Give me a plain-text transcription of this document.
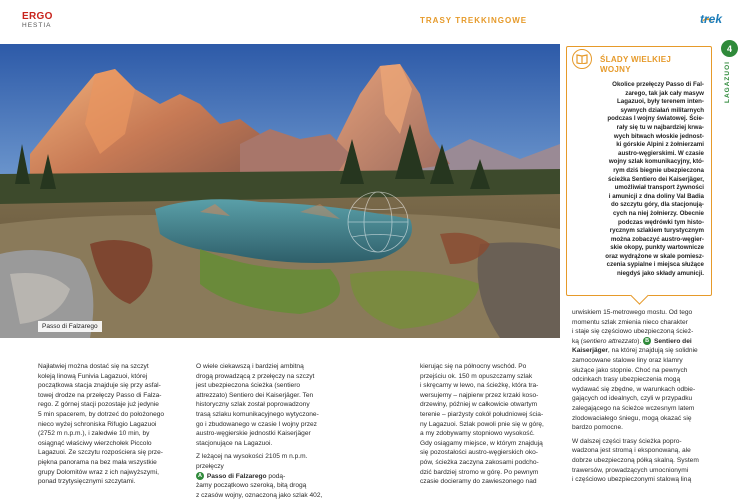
ERGO
HESTIA
TRASY TREKKINGOWE	trek
Passo di Falzarego
4
LAGAZUOI
ŚLADY WIELKIEJ WOJNY
Okolice przełęczy Passo di Fal-
zarego, tak jak cały masyw
Lagazuoi, były terenem inten-
sywnych działań militarnych
podczas I wojny światowej. Ście-
rały się tu w najbardziej krwa-
wych bitwach włoskie jednost-
ki górskie Alpini z żołnierzami
austro-węgierskimi. W czasie
wojny szlak komunikacyjny, któ-
rym dziś biegnie ubezpieczona
ścieżka Sentiero dei Kaiserjäger,
umożliwiał transport żywności
i amunicji z dna doliny Val Badia
do szczytu góry, dla stacjonują-
cych na niej żołnierzy. Obecnie
podczas wędrówki tym histo-
rycznym szlakiem turystycznym
można zobaczyć austro-węgier-
skie okopy, punkty wartownicze
oraz wydrążone w skale pomiesz-
czenia sypialne i miejsca służące
niegdyś jako składy amunicji.
Najłatwiej można dostać się na szczyt
koleją linową Funivia Lagazuoi, której
początkowa stacja znajduje się przy asfal-
towej drodze na przełęczy Passo di Falza-
rego. Z górnej stacji pozostaje już jedynie
5 min spacerem, by dotrzeć do położonego
nieco wyżej schroniska Rifugio Lagazuoi
(2752 m n.p.m.), i zaledwie 10 min, by
osiągnąć właściwy wierzchołek Piccolo
Lagazuoi. Ze szczytu rozpościera się prze-
piękna panorama na bez mała wszystkie
grupy Dolomitów wraz z ich najwyższymi,
ponad trzytysięcznymi szczytami.
O wiele ciekawszą i bardziej ambitną
drogą prowadzącą z przełęczy na szczyt
jest ubezpieczona ścieżka (sentiero
attrezzato) Sentiero dei Kaiserjäger. Ten
historyczny szlak został poprowadzony
trasą szlaku komunikacyjnego wytyczone-
go i zbudowanego w czasie I wojny przez
austro-węgierskie jednostki Kaiserjäger
stacjonujące na Lagazuoi.
Z leżącej na wysokości 2105 m n.p.m.
przełęczy
A Passo di Falzarego podą-
żamy początkowo szeroką, bitą drogą
z czasów wojny, oznaczoną jako szlak 402,
kierując się na północny wschód. Po
przejściu ok. 150 m opuszczamy szlak
i skręcamy w lewo, na ścieżkę, która tra-
wersujemy – najpierw przez krzaki koso-
drzewiny, później w całkowicie otwartym
terenie – piarżysty cokół południowej ścia-
ny Lagazuoi. Szlak powoli pnie się w górę,
a my zdobywamy stopniowo wysokość.
Gdy osiągamy miejsce, w którym znajdują
się pozostałości austro-węgierskich oko-
pów, ścieżka zaczyna zakosami podcho-
dzić bardziej stromo w górę. Po pewnym
czasie docieramy do zawieszonego nad
urwiskiem 15-metrowego mostu. Od tego
momentu szlak zmienia nieco charakter
i staje się częściowo ubezpieczoną ścież-
ką (sentiero attrezzato). B Sentiero dei
Kaiserjäger, na której znajdują się solidnie
zamocowane stalowe liny oraz klamry
służące jako stopnie. Choć na pewnych
odcinkach trasy ubezpieczenia mogą
wydawać się zbędne, w warunkach odbie-
gających od idealnych, czyli w przypadku
zalegającego na ścieżce wczesnym latem
zlodowaciałego śniegu, mogą okazać się
bardzo pomocne.
W dalszej części trasy ścieżka popro-
wadzona jest stromą i eksponowaną, ale
dobrze ubezpieczoną półką skalną. System
trawersów, prowadzących umocnionymi
i częściowo ubezpieczonymi stalową liną
